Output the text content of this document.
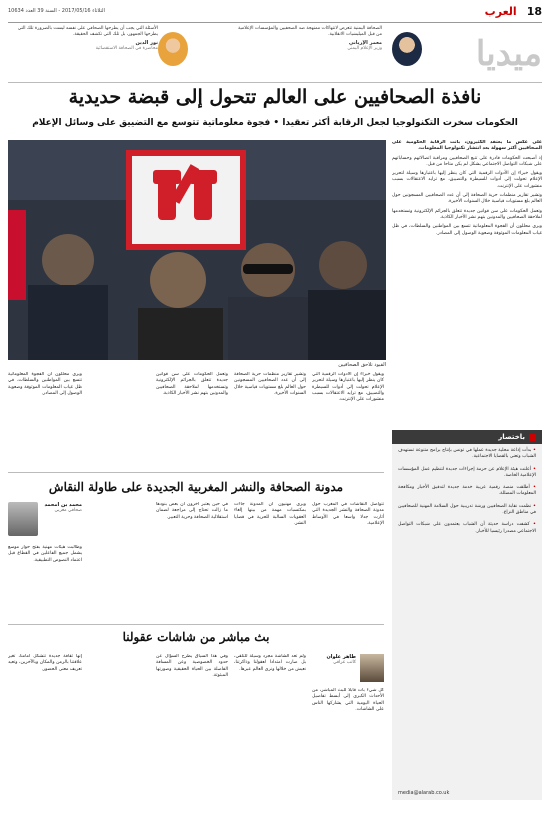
18
العرب
الثلاثاء 2017/05/16 - السنة 39 العدد 10634
ميديا
الصحافة اليمنية تتعرض لانتهاكات ممنهجة ضد الصحفيين والمؤسسات الإعلامية من قبل الميليشيات الانقلابية.
معمر الإرياني
وزير الإعلام اليمني
الأسئلة التي يجب أن يطرحها الصحافي على نفسه ليست بالضرورة تلك التي يطرحها الجمهور، بل تلك التي تكشف الحقيقة.
نور الدين
محاضرة في الصحافة الاستقصائية
نافذة الصحافيين على العالم تتحول إلى قبضة حديدية
الحكومات سخرت التكنولوجيا لجعل الرقابة أكثر تعقيدا • فجوة معلوماتية تتوسع مع التضييق على وسائل الإعلام
القيود تلاحق الصحافيين

على عكس ما يعتقد الكثيرون، باتت الرقابة الحكومية على الصحافيين أكثر سهولة بعد انتشار تكنولوجيا المعلومات،

إذ أصبحت الحكومات قادرة على تتبع الصحافيين ومراقبة اتصالاتهم وحساباتهم على شبكات التواصل الاجتماعي بشكل لم يكن متاحا من قبل.

ويقول خبراء إن الأدوات الرقمية التي كان ينظر إليها باعتبارها وسيلة لتحرير الإعلام تحولت إلى أدوات للسيطرة والتضييق، مع تزايد الاعتقالات بسبب منشورات على الإنترنت.

وتشير تقارير منظمات حرية الصحافة إلى أن عدد الصحافيين المسجونين حول العالم بلغ مستويات قياسية خلال السنوات الأخيرة.

وتعمل الحكومات على سن قوانين جديدة تتعلق بالجرائم الإلكترونية وتستخدمها لملاحقة الصحافيين والمدونين بتهم نشر الأخبار الكاذبة.

ويرى محللون أن الفجوة المعلوماتية تتسع بين المواطنين والسلطات، في ظل غياب المعلومات الموثوقة وصعوبة الوصول إلى المصادر.

ويقول خبراء إن الأدوات الرقمية التي كان ينظر إليها باعتبارها وسيلة لتحرير الإعلام تحولت إلى أدوات للسيطرة والتضييق، مع تزايد الاعتقالات بسبب منشورات على الإنترنت.

وتشير تقارير منظمات حرية الصحافة إلى أن عدد الصحافيين المسجونين حول العالم بلغ مستويات قياسية خلال السنوات الأخيرة.

وتعمل الحكومات على سن قوانين جديدة تتعلق بالجرائم الإلكترونية وتستخدمها لملاحقة الصحافيين والمدونين بتهم نشر الأخبار الكاذبة.

ويرى محللون أن الفجوة المعلوماتية تتسع بين المواطنين والسلطات، في ظل غياب المعلومات الموثوقة وصعوبة الوصول إلى المصادر.

باختصار
• بدأت إذاعة محلية جديدة عملها في تونس بإنتاج برامج متنوعة تستهدف الشباب وتعنى بالقضايا الاجتماعية.
• أعلنت هيئة الإعلام عن حزمة إجراءات جديدة لتنظيم عمل المؤسسات الإعلامية الخاصة.
• أطلقت منصة رقمية عربية خدمة جديدة لتدقيق الأخبار ومكافحة المعلومات المضللة.
• نظمت نقابة الصحافيين ورشة تدريبية حول السلامة المهنية للصحافيين في مناطق النزاع.
• كشفت دراسة حديثة أن الشباب يعتمدون على شبكات التواصل الاجتماعي مصدرا رئيسيا للأخبار.
media@alarab.co.uk
مدونة الصحافة والنشر المغربية الجديدة على طاولة النقاش

تتواصل النقاشات في المغرب حول مدونة الصحافة والنشر الجديدة التي أثارت جدلا واسعا في الأوساط الإعلامية.

ويرى مهنيون أن المدونة جاءت بمكتسبات مهمة من بينها إلغاء العقوبات السالبة للحرية في قضايا النشر.

في حين يعتبر آخرون أن بعض بنودها ما زالت تحتاج إلى مراجعة لضمان استقلالية الصحافة وحرية التعبير.

محمد بن امحمد
صحافي مغربي

وطالبت هيئات مهنية بفتح حوار موسع يشمل جميع الفاعلين في القطاع قبل اعتماد النصوص التطبيقية.

بث مباشر من شاشات عقولنا
طاهر علوان
كاتب عراقي

كل شيء بات قابلا للبث المباشر، من الأحداث الكبرى إلى أبسط تفاصيل الحياة اليومية التي يشاركها الناس على الشاشات.

ولم تعد الشاشة مجرد وسيلة للتلقي، بل صارت امتدادا لعقولنا وذاكرتنا، نعيش من خلالها ونرى العالم عبرها.

وفي هذا السياق يطرح السؤال عن حدود الخصوصية وعن المسافة الفاصلة بين الحياة الحقيقية وصورتها المبثوثة.

إنها ثقافة جديدة تتشكل أمامنا، تغير علاقتنا بالزمن والمكان وبالآخرين، وتعيد تعريف معنى الحضور.
